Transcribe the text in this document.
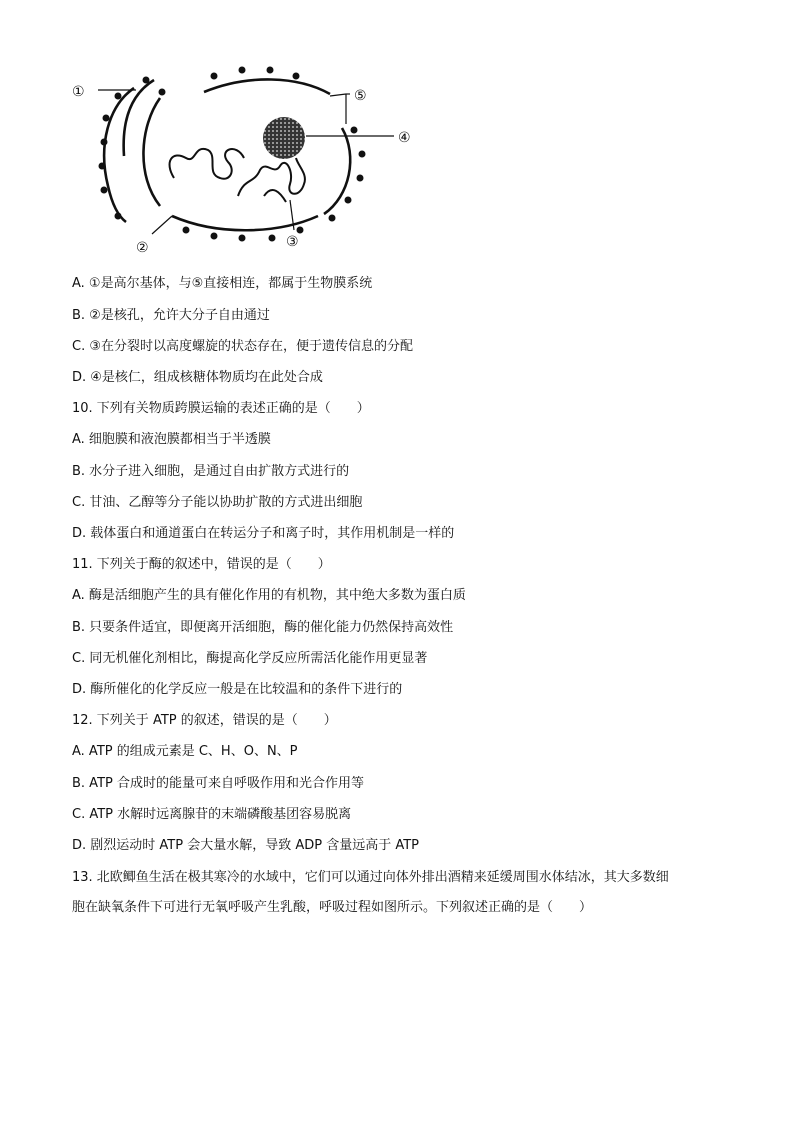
①
②	③
④
⑤
A. ①是高尔基体，与⑤直接相连，都属于生物膜系统
B. ②是核孔，允许大分子自由通过
C. ③在分裂时以高度螺旋的状态存在，便于遗传信息的分配
D. ④是核仁，组成核糖体物质均在此处合成
10. 下列有关物质跨膜运输的表述正确的是（　　）
A. 细胞膜和液泡膜都相当于半透膜
B. 水分子进入细胞，是通过自由扩散方式进行的
C. 甘油、乙醇等分子能以协助扩散的方式进出细胞
D. 载体蛋白和通道蛋白在转运分子和离子时，其作用机制是一样的
11. 下列关于酶的叙述中，错误的是（　　）
A. 酶是活细胞产生的具有催化作用的有机物，其中绝大多数为蛋白质
B. 只要条件适宜，即便离开活细胞，酶的催化能力仍然保持高效性
C. 同无机催化剂相比，酶提高化学反应所需活化能作用更显著
D. 酶所催化的化学反应一般是在比较温和的条件下进行的
12. 下列关于 ATP 的叙述，错误的是（　　）
A. ATP 的组成元素是 C、H、O、N、P
B. ATP 合成时的能量可来自呼吸作用和光合作用等
C. ATP 水解时远离腺苷的末端磷酸基团容易脱离
D. 剧烈运动时 ATP 会大量水解，导致 ADP 含量远高于 ATP
13. 北欧鲫鱼生活在极其寒冷的水域中，它们可以通过向体外排出酒精来延缓周围水体结冰，其大多数细
胞在缺氧条件下可进行无氧呼吸产生乳酸，呼吸过程如图所示。下列叙述正确的是（　　）
